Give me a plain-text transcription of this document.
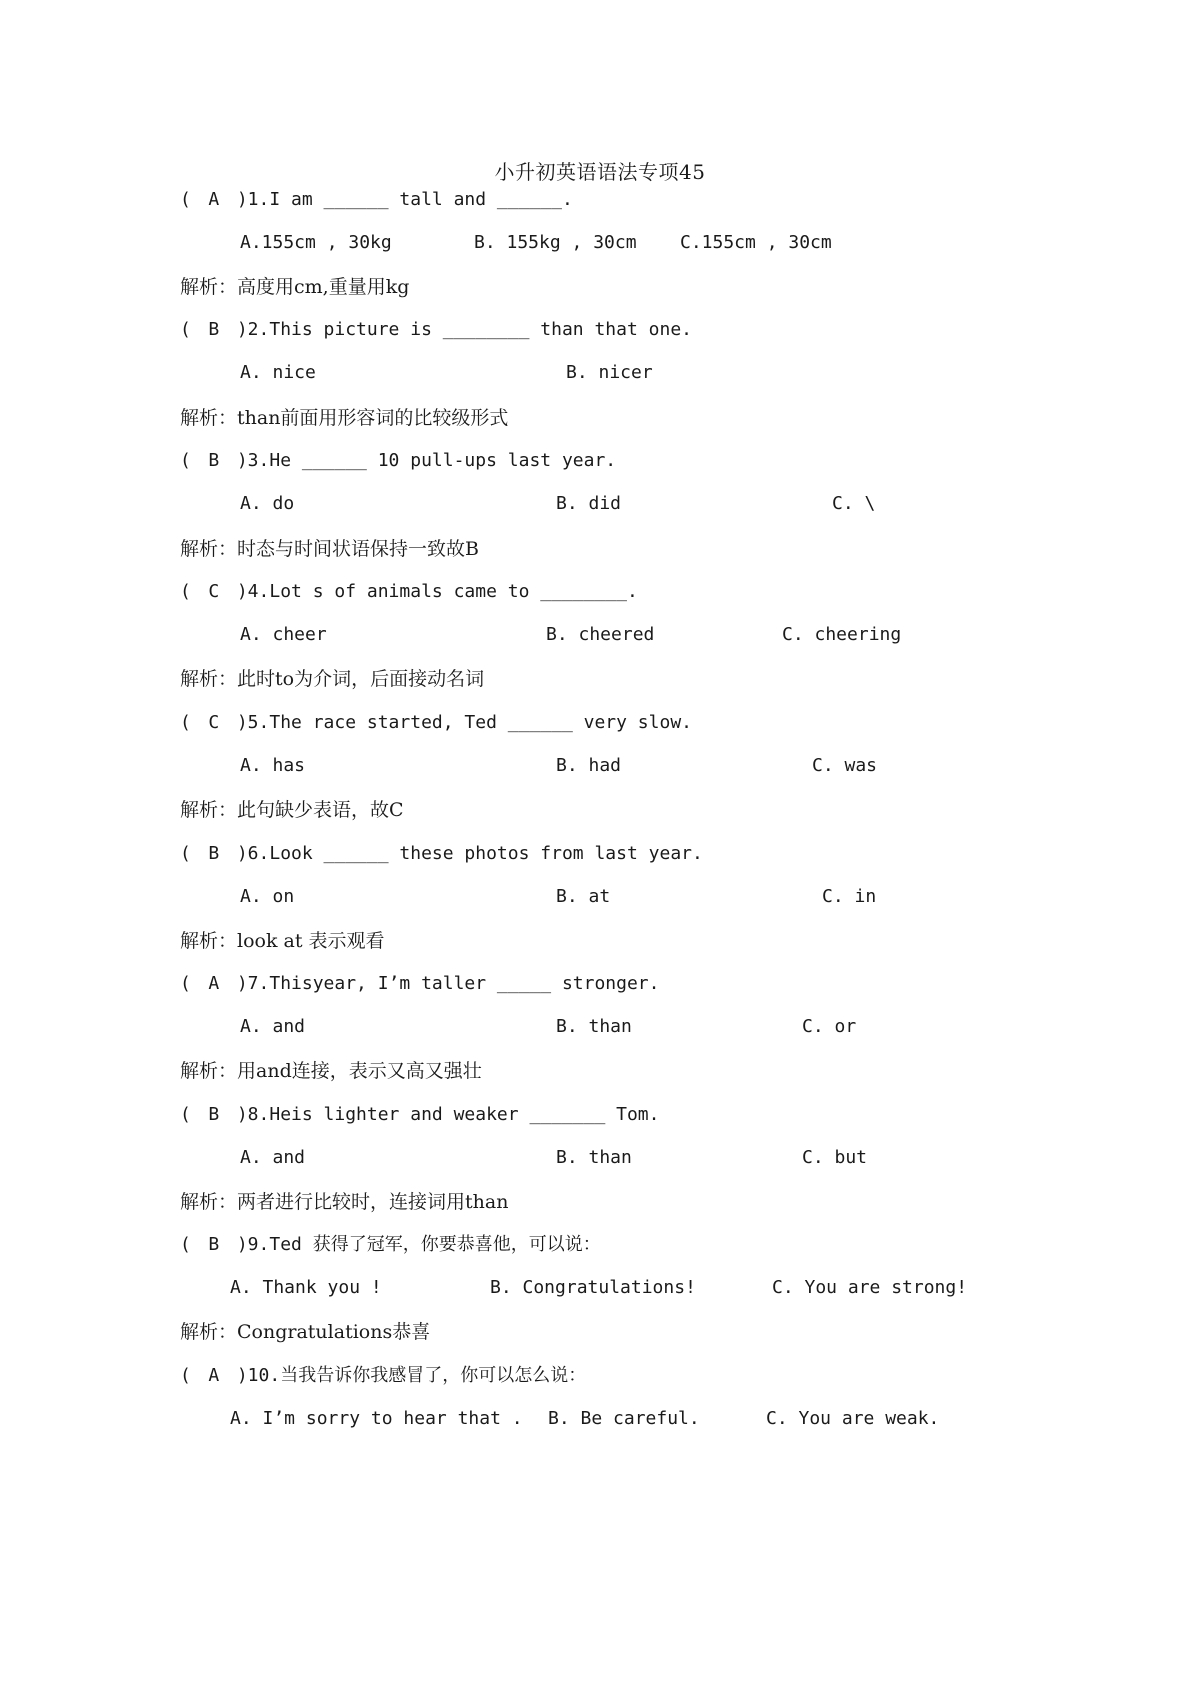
小升初英语语法专项45
( A )1.I am ______ tall and ______.
A.155cm , 30kg	B. 155kg , 30cm C.155cm , 30cm
解析：高度用cm,重量用kg
( B )2.This picture is ________ than that one.
A. nice	B. nicer
解析：than前面用形容词的比较级形式
( B )3.He ______ 10 pull-ups last year.
A. do	B. did	C. \
解析：时态与时间状语保持一致故B
( C )4.Lot s of animals came to ________.
A. cheer	B. cheered	C. cheering
解析：此时to为介词，后面接动名词
( C )5.The race started, Ted ______ very slow.
A. has	B. had	C. was
解析：此句缺少表语，故C
( B )6.Look ______ these photos from last year.
A. on	B. at	C. in
解析：look at 表示观看
( A )7.Thisyear, I’m taller _____ stronger.
A. and	B. than	C. or
解析：用and连接，表示又高又强壮
( B )8.Heis lighter and weaker _______ Tom.
A. and	B. than	C. but
解析：两者进行比较时，连接词用than
( B )9.Ted 获得了冠军，你要恭喜他，可以说：
A. Thank you !	B. Congratulations!	C. You are strong!
解析：Congratulations恭喜
( A )10.当我告诉你我感冒了，你可以怎么说：
A. I’m sorry to hear that . B. Be careful.	C. You are weak.
